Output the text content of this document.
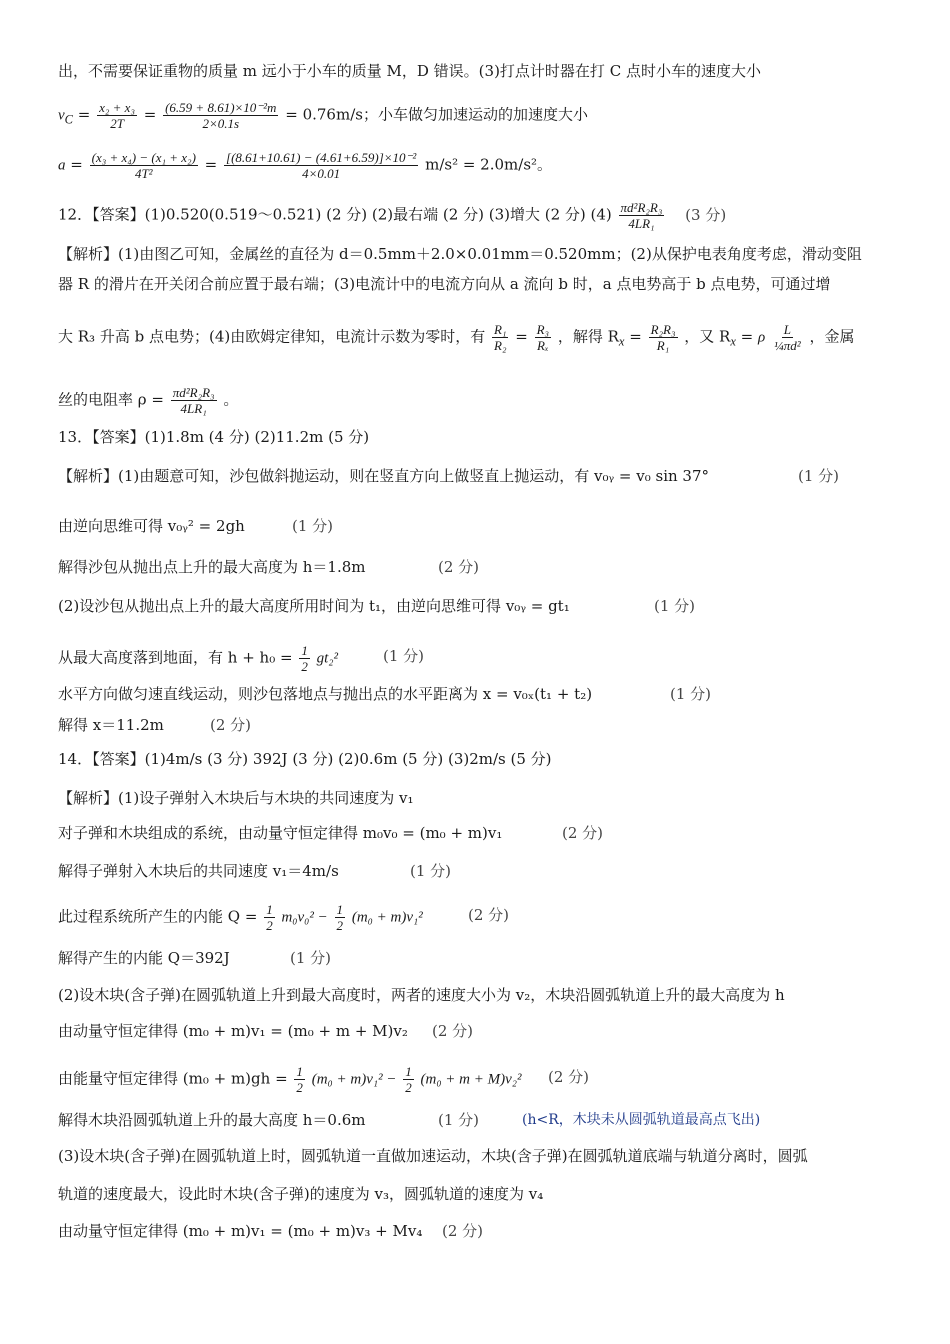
出，不需要保证重物的质量 m 远小于小车的质量 M，D 错误。(3)打点计时器在打 C 点时小车的速度大小
$v_C = \frac{\text{x₂ + x₃}}{2T} = \frac{\text{(6.59 + 8.61)×10⁻²m}}{2\times 0.1s} = 0.76m/s$；小车做匀加速运动的加速度大小
$a = \frac{\text{(x₃ + x₄) − (x₁ + x₂)}}{\text{4T²}} = \frac{\text{[(8.61+10.61) − (4.61+6.59)]×10⁻²}}{4\times 0.01} m/s^2 = 2.0m/s^2$。
12．【答案】(1)0.520(0.519～0.521) (2 分) (2)最右端 (2 分) (3)增大 (2 分) $(4) \frac{\text{πd²R₂R₃}}{\text{4LR₁}} (3$ 分)
【解析】(1)由图乙可知，金属丝的直径为 d＝0.5mm＋2.0×0.01mm＝0.520mm；(2)从保护电表角度考虑，滑动变阻
器 R 的滑片在开关闭合前应置于最右端；(3)电流计中的电流方向从 a 流向 b 时，a 点电势高于 b 点电势，可通过增
大 R₃ 升高 b 点电势；(4)由欧姆定律知，电流计示数为零时，有 $\frac{\text{R₁}}{\text{R₂}} = \frac{\text{R₃}}{\text{Rₓ}}$ ，解得 $R_x = \frac{\text{R₂R₃}}{\text{R₁}}$ ，又 $R_x = \rho \frac{L}{\text{¼πd²}}$ ，金属
丝的电阻率 $\rho = \frac{\text{πd²R₂R₃}}{\text{4LR₁}}$ 。
13．【答案】(1)1.8m (4 分) (2)11.2m (5 分)
【解析】(1)由题意可知，沙包做斜抛运动，则在竖直方向上做竖直上抛运动，有 v₀ᵧ = v₀ sin 37°	(1 分)
由逆向思维可得 v₀ᵧ² = 2gh	(1 分)
解得沙包从抛出点上升的最大高度为 h＝1.8m	(2 分)
(2)设沙包从抛出点上升的最大高度所用时间为 t₁，由逆向思维可得 v₀ᵧ = gt₁	(1 分)
从最大高度落到地面，有 $h + h_0 = \frac{1}{2} gt_2^2$	(1 分)
水平方向做匀速直线运动，则沙包落地点与抛出点的水平距离为 x = v₀ₓ(t₁ + t₂)	(1 分)
解得 x＝11.2m	(2 分)
14．【答案】(1)4m/s (3 分) 392J (3 分) (2)0.6m (5 分) (3)2m/s (5 分)
【解析】(1)设子弹射入木块后与木块的共同速度为 v₁
对子弹和木块组成的系统，由动量守恒定律得 m₀v₀ = (m₀ + m)v₁	(2 分)
解得子弹射入木块后的共同速度 v₁＝4m/s	(1 分)
此过程系统所产生的内能 $Q = \frac{1}{2} m_0v_0^2 - \frac{1}{2} (m_0 + m)v_1^2$	(2 分)
解得产生的内能 Q＝392J	(1 分)
(2)设木块(含子弹)在圆弧轨道上升到最大高度时，两者的速度大小为 v₂，木块沿圆弧轨道上升的最大高度为 h
由动量守恒定律得 (m₀ + m)v₁ = (m₀ + m + M)v₂ (2 分)
由能量守恒定律得 $(m_0 + m)gh = \frac{1}{2} (m_0 + m)v_1^2 - \frac{1}{2} (m_0 + m + M)v_2^2$ (2 分)
解得木块沿圆弧轨道上升的最大高度 h＝0.6m	(1 分)	(h<R，木块未从圆弧轨道最高点飞出)
(3)设木块(含子弹)在圆弧轨道上时，圆弧轨道一直做加速运动，木块(含子弹)在圆弧轨道底端与轨道分离时，圆弧
轨道的速度最大，设此时木块(含子弹)的速度为 v₃，圆弧轨道的速度为 v₄
由动量守恒定律得 (m₀ + m)v₁ = (m₀ + m)v₃ + Mv₄ (2 分)
